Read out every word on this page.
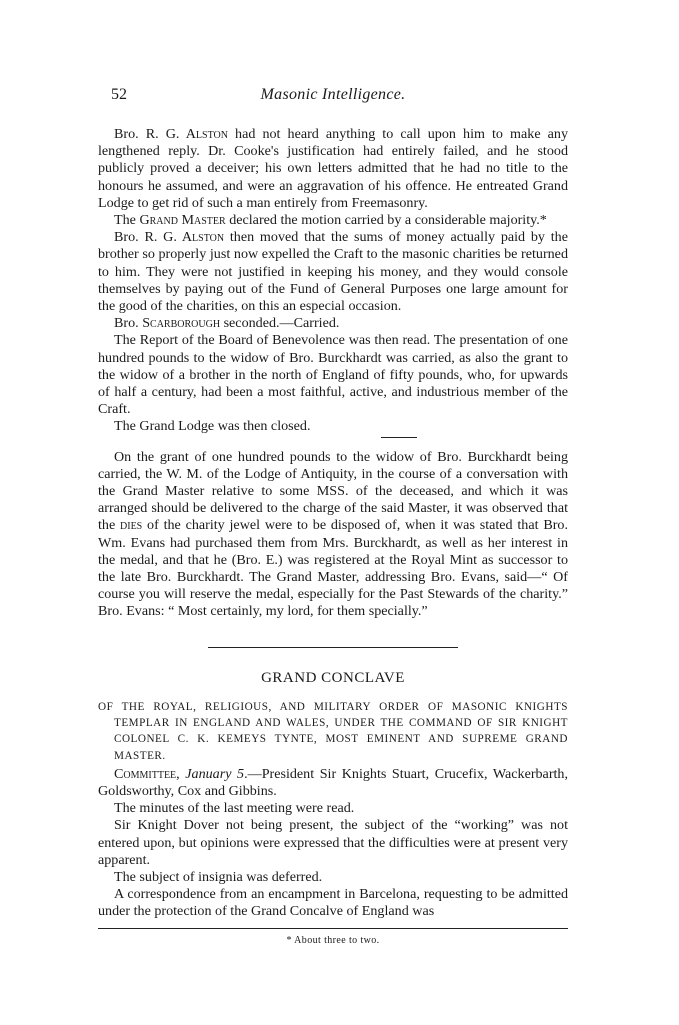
52	Masonic Intelligence.

Bro. R. G. Alston had not heard anything to call upon him to make any lengthened reply. Dr. Cooke's justification had entirely failed, and he stood publicly proved a deceiver; his own letters admitted that he had no title to the honours he assumed, and were an aggravation of his offence. He entreated Grand Lodge to get rid of such a man entirely from Freemasonry.

The Grand Master declared the motion carried by a considerable majority.*

Bro. R. G. Alston then moved that the sums of money actually paid by the brother so properly just now expelled the Craft to the masonic charities be returned to him. They were not justified in keeping his money, and they would console themselves by paying out of the Fund of General Purposes one large amount for the good of the charities, on this an especial occasion.

Bro. Scarborough seconded.—Carried.

The Report of the Board of Benevolence was then read. The presentation of one hundred pounds to the widow of Bro. Burckhardt was carried, as also the grant to the widow of a brother in the north of England of fifty pounds, who, for upwards of half a century, had been a most faithful, active, and industrious member of the Craft.

The Grand Lodge was then closed.

On the grant of one hundred pounds to the widow of Bro. Burckhardt being carried, the W. M. of the Lodge of Antiquity, in the course of a conversation with the Grand Master relative to some MSS. of the deceased, and which it was arranged should be delivered to the charge of the said Master, it was observed that the dies of the charity jewel were to be disposed of, when it was stated that Bro. Wm. Evans had purchased them from Mrs. Burckhardt, as well as her interest in the medal, and that he (Bro. E.) was registered at the Royal Mint as successor to the late Bro. Burckhardt. The Grand Master, addressing Bro. Evans, said—“ Of course you will reserve the medal, especially for the Past Stewards of the charity.” Bro. Evans: “ Most certainly, my lord, for them specially.”

GRAND CONCLAVE
OF THE ROYAL, RELIGIOUS, AND MILITARY ORDER OF MASONIC KNIGHTS TEMPLAR IN ENGLAND AND WALES, UNDER THE COMMAND OF SIR KNIGHT COLONEL C. K. KEMEYS TYNTE, MOST EMINENT AND SUPREME GRAND MASTER.

Committee, January 5.—President Sir Knights Stuart, Crucefix, Wackerbarth, Goldsworthy, Cox and Gibbins.

The minutes of the last meeting were read.

Sir Knight Dover not being present, the subject of the “working” was not entered upon, but opinions were expressed that the difficulties were at present very apparent.

The subject of insignia was deferred.

A correspondence from an encampment in Barcelona, requesting to be admitted under the protection of the Grand Concalve of England was

* About three to two.
